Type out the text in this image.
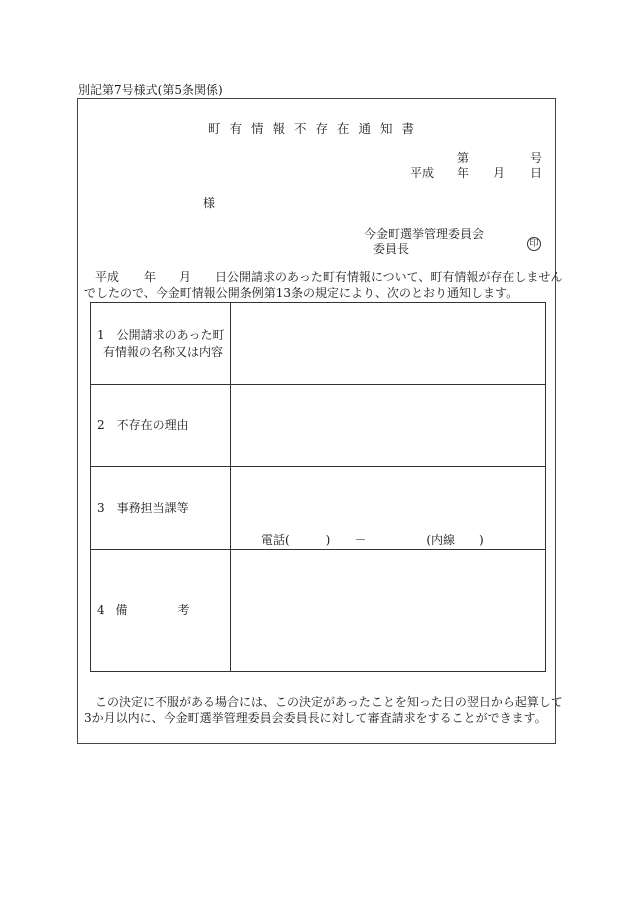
別記第7号様式(第5条関係)
町有情報不存在通知書
第	号
平成 年 月 日
様
今金町選挙管理委員会
委員長	印
平成 年 月 日公開請求のあった町有情報について、町有情報が存在しません
でしたので、今金町情報公開条例第13条の規定により、次のとおり通知します。
1　公開請求のあった町
有情報の名称又は内容	

2　不存在の理由	
3　事務担当課等	電話(　　　)　　－　　　　　(内線　　)

4 備 考	
この決定に不服がある場合には、この決定があったことを知った日の翌日から起算して
3か月以内に、今金町選挙管理委員会委員長に対して審査請求をすることができます。
